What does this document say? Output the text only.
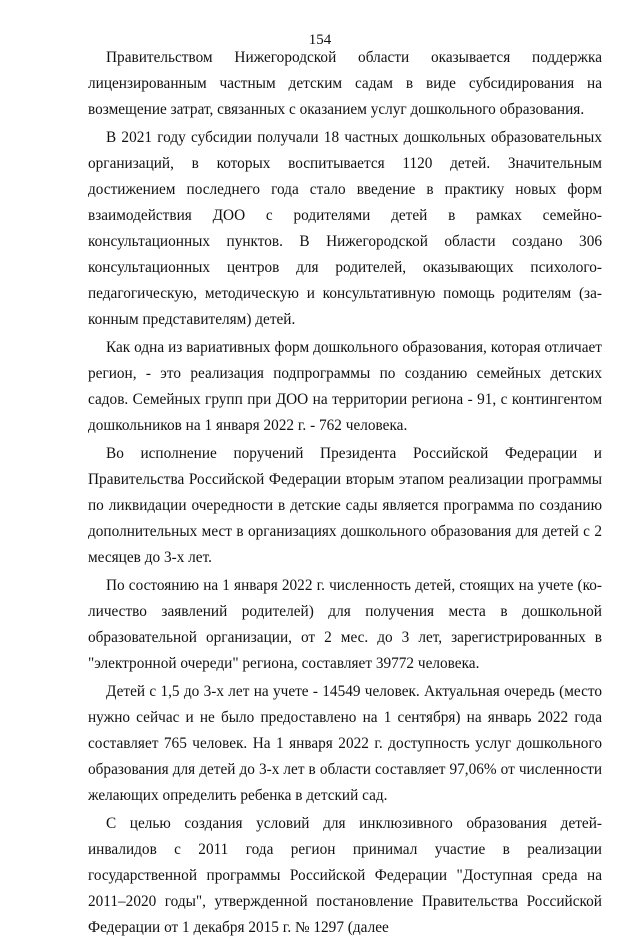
154

Правительством Нижегородской области оказывается поддержка лицензированным частным детским садам в виде субсидирования на возмещение затрат, связанных с оказанием услуг дошкольного образования.

В 2021 году субсидии получали 18 частных дошкольных образовательных организаций, в которых воспитывается 1120 детей. Значительным достижением последнего года стало введение в практику новых форм взаимодействия ДОО с родителями детей в рамках семейно-консультационных пунктов. В Нижегородской области создано 306 консультационных центров для родителей, оказывающих психолого-педагогическую, методическую и консультативную помощь родителям (законным представителям) детей.

Как одна из вариативных форм дошкольного образования, которая отличает регион, - это реализация подпрограммы по созданию семейных детских садов. Семейных групп при ДОО на территории региона - 91, с контингентом дошкольников на 1 января 2022 г. - 762 человека.

Во исполнение поручений Президента Российской Федерации и Правительства Российской Федерации вторым этапом реализации программы по ликвидации очередности в детские сады является программа по созданию дополнительных мест в организациях дошкольного образования для детей с 2 месяцев до 3-х лет.

По состоянию на 1 января 2022 г. численность детей, стоящих на учете (количество заявлений родителей) для получения места в дошкольной образовательной организации, от 2 мес. до 3 лет, зарегистрированных в "электронной очереди" региона, составляет 39772 человека.

Детей с 1,5 до 3-х лет на учете - 14549 человек. Актуальная очередь (место нужно сейчас и не было предоставлено на 1 сентября) на январь 2022 года составляет 765 человек. На 1 января 2022 г. доступность услуг дошкольного образования для детей до 3-х лет в области составляет 97,06% от численности желающих определить ребенка в детский сад.

С целью создания условий для инклюзивного образования детей-инвалидов с 2011 года регион принимал участие в реализации государственной программы Российской Федерации "Доступная среда на 2011–2020 годы", утвержденной постановление Правительства Российской Федерации от 1 декабря 2015 г. № 1297 (далее
